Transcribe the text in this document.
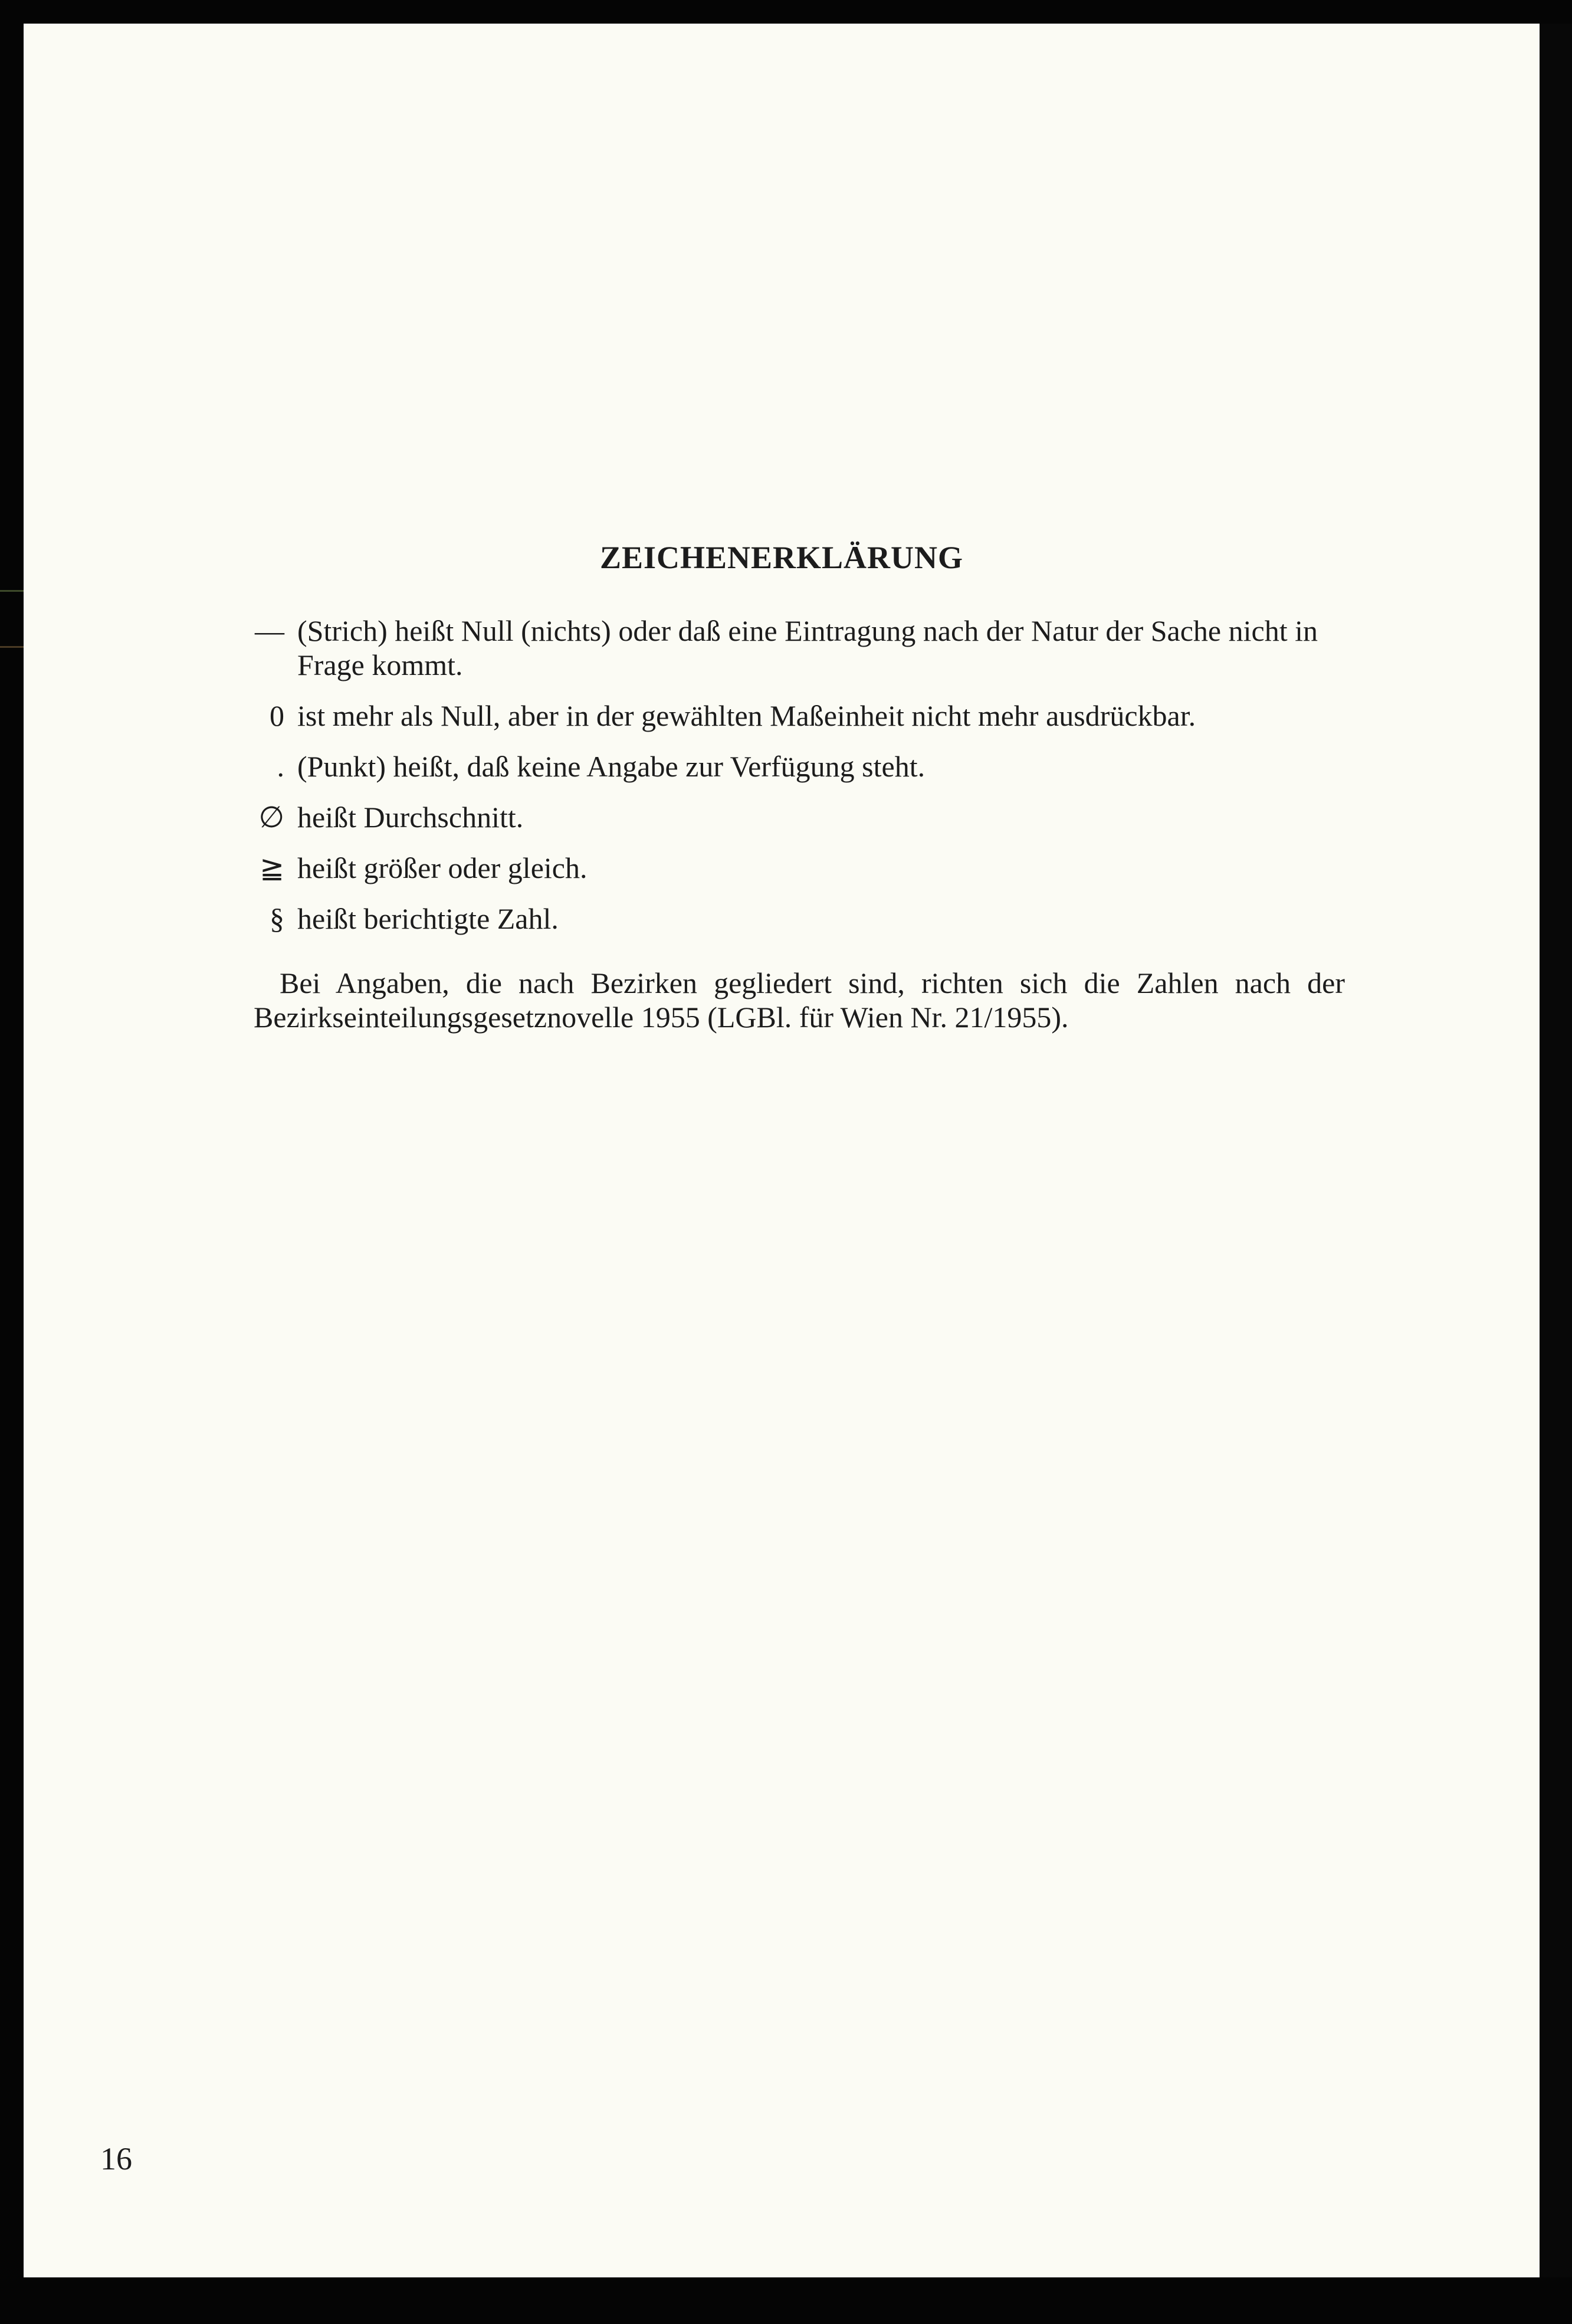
ZEICHENERKLÄRUNG
— (Strich) heißt Null (nichts) oder daß eine Eintragung nach der Natur der Sache nicht in Frage kommt.
0 ist mehr als Null, aber in der gewählten Maßeinheit nicht mehr ausdrückbar.
. (Punkt) heißt, daß keine Angabe zur Verfügung steht.
∅ heißt Durchschnitt.
≧ heißt größer oder gleich.
§ heißt berichtigte Zahl.

Bei Angaben, die nach Bezirken gegliedert sind, richten sich die Zahlen nach der Bezirkseinteilungsgesetznovelle 1955 (LGBl. für Wien Nr. 21/1955).

16
